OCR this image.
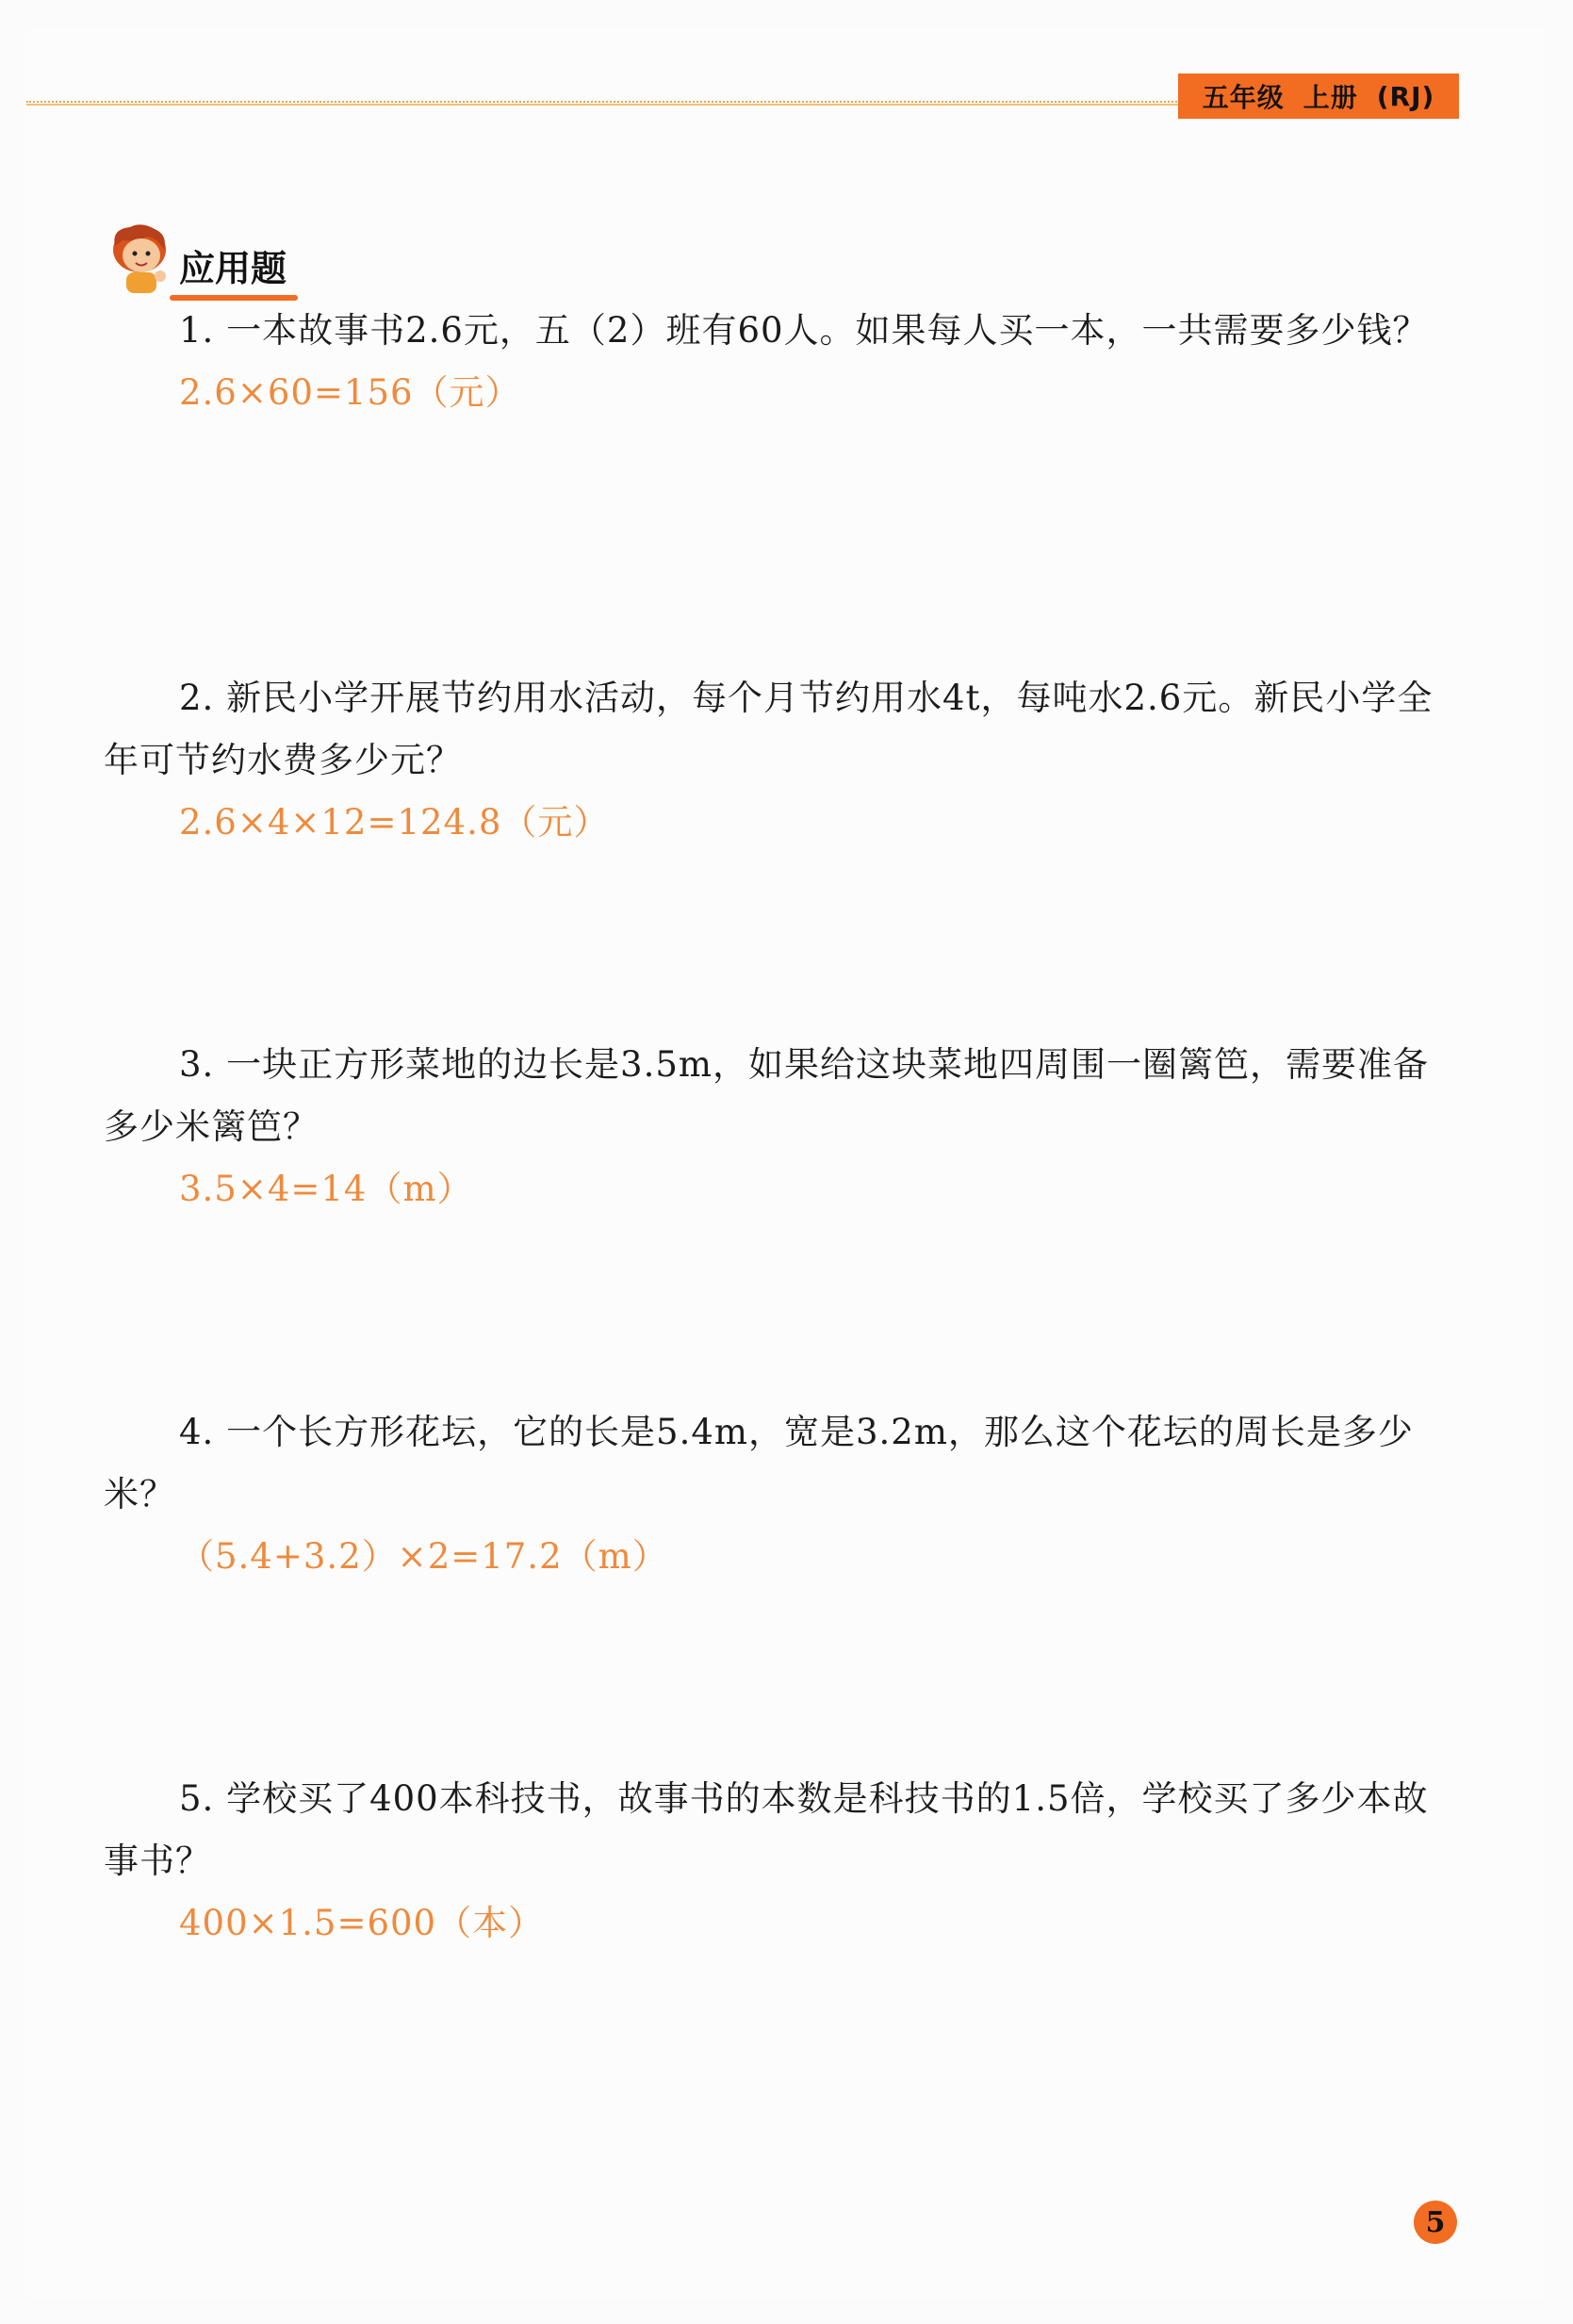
五年级 上册 (RJ)
应用题

1. 一本故事书2.6元，五（2）班有60人。如果每人买一本，一共需要多少钱？

2.6×60=156（元）

2. 新民小学开展节约用水活动，每个月节约用水4t，每吨水2.6元。新民小学全年可节约水费多少元？

2.6×4×12=124.8（元）

3. 一块正方形菜地的边长是3.5m，如果给这块菜地四周围一圈篱笆，需要准备多少米篱笆？

3.5×4=14（m）

4. 一个长方形花坛，它的长是5.4m，宽是3.2m，那么这个花坛的周长是多少米？

（5.4+3.2）×2=17.2（m）

5. 学校买了400本科技书，故事书的本数是科技书的1.5倍，学校买了多少本故事书？

400×1.5=600（本）

5
